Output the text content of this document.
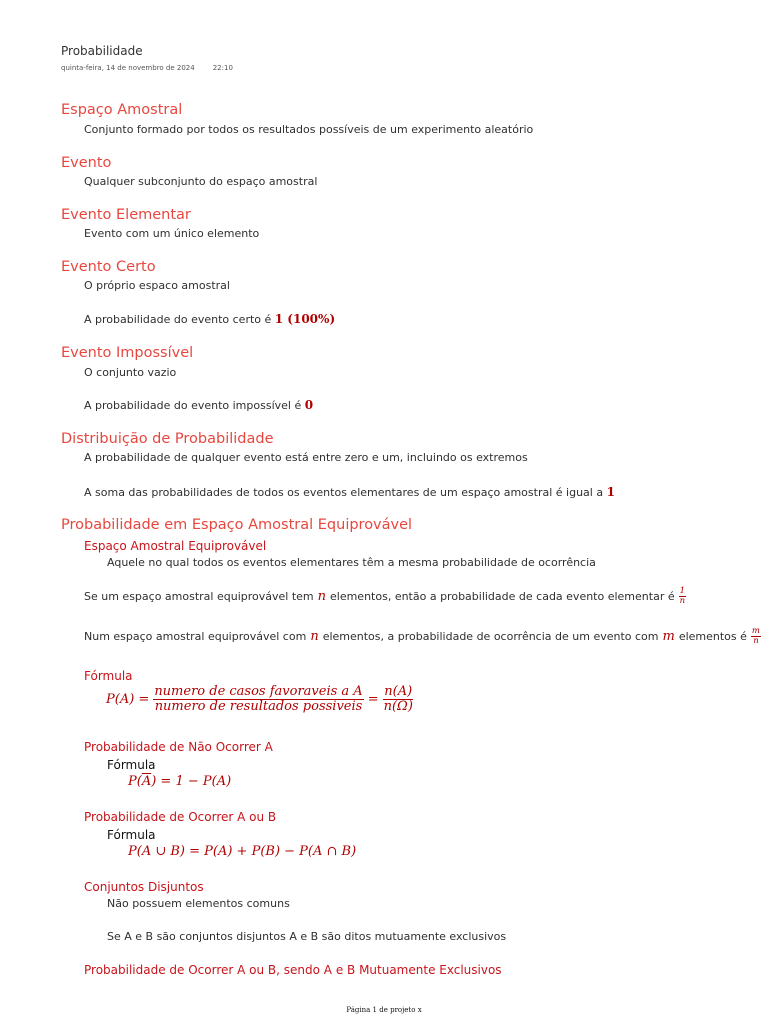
Probabilidade
quinta-feira, 14 de novembro de 2024	22:10
Espaço Amostral
Conjunto formado por todos os resultados possíveis de um experimento aleatório
Evento
Qualquer subconjunto do espaço amostral
Evento Elementar
Evento com um único elemento
Evento Certo
O próprio espaco amostral
A probabilidade do evento certo é 1 (100%)
Evento Impossível
O conjunto vazio
A probabilidade do evento impossível é 0
Distribuição de Probabilidade
A probabilidade de qualquer evento está entre zero e um, incluindo os extremos
A soma das probabilidades de todos os eventos elementares de um espaço amostral é igual a 1
Probabilidade em Espaço Amostral Equiprovável
Espaço Amostral Equiprovável
Aquele no qual todos os eventos elementares têm a mesma probabilidade de ocorrência
Se um espaço amostral equiprovável tem n elementos, então a probabilidade de cada evento elementar é $\frac{1}{n}$
Num espaço amostral equiprovável com n elementos, a probabilidade de ocorrência de um evento com m elementos é $\frac{m}{n}$
Fórmula
$P(A) = \frac{\text{numero de casos favoraveis a A}}{\text{numero de resultados possiveis}} = \frac{n(A)}{n(\Omega)}$
Probabilidade de Não Ocorrer A
Fórmula
P( $\overline{A}$ ) = 1 − P(A)
Probabilidade de Ocorrer A ou B
Fórmula
P(A ∪ B) = P(A) + P(B) − P(A ∩ B)
Conjuntos Disjuntos
Não possuem elementos comuns
Se A e B são conjuntos disjuntos A e B são ditos mutuamente exclusivos
Probabilidade de Ocorrer A ou B, sendo A e B Mutuamente Exclusivos
Página 1 de projeto x
